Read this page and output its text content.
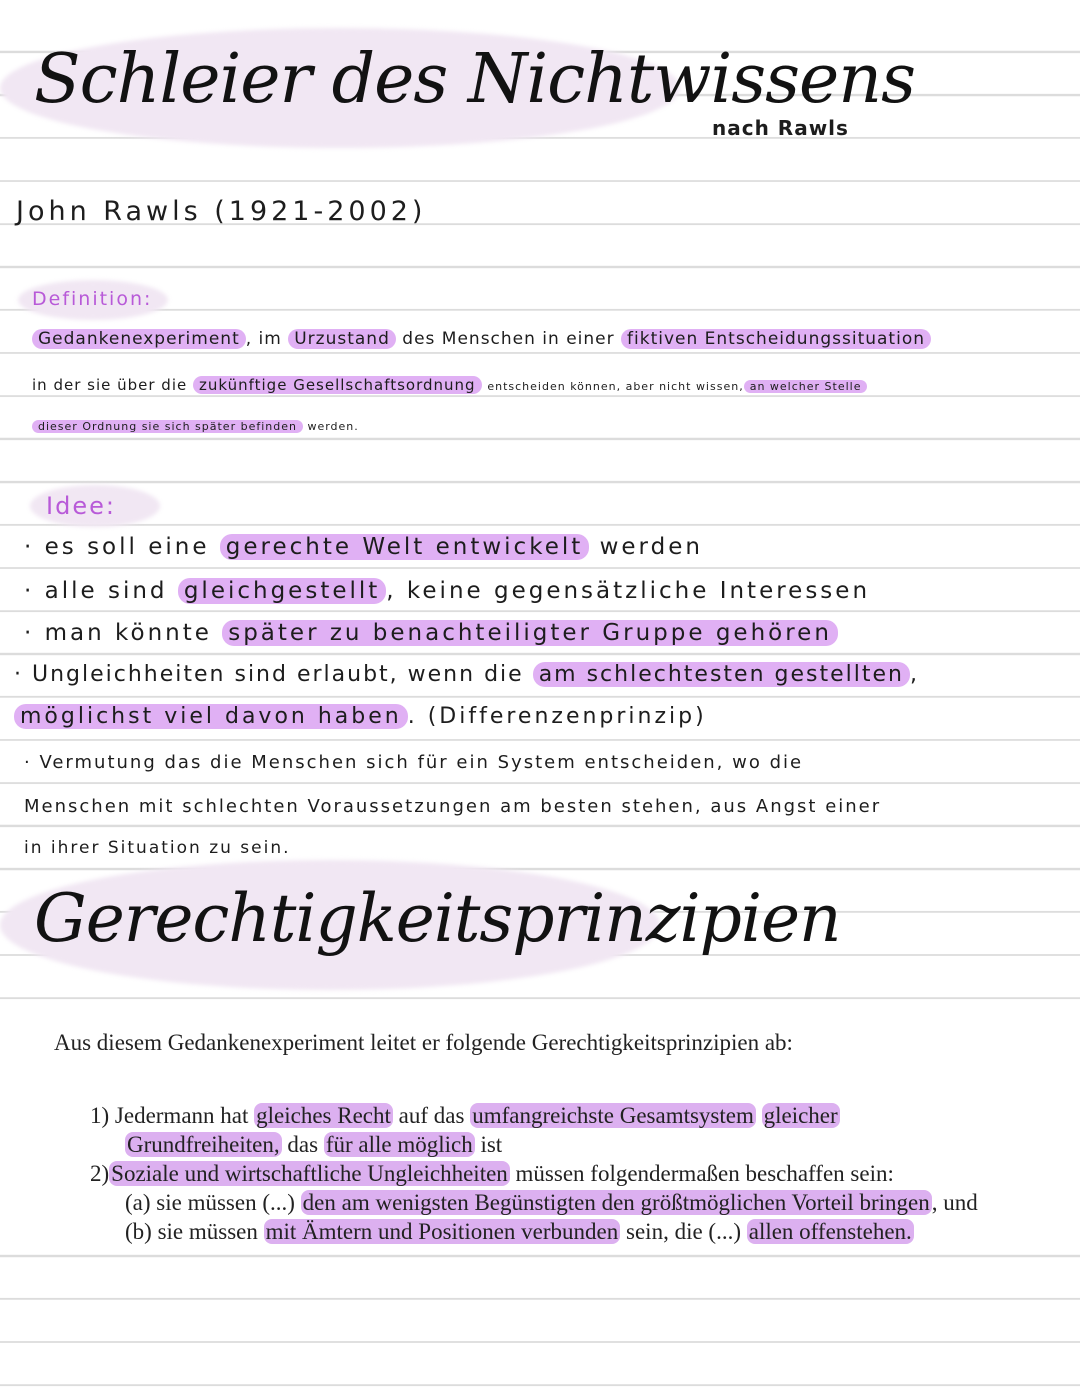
Schleier des Nichtwissens
nach Rawls
John Rawls (1921-2002)
Definition:
Gedankenexperiment , im Urzustand des Menschen in einer fiktiven Entscheidungssituation
in der sie über die zukünftige Gesellschaftsordnung entscheiden können, aber nicht wissen, an welcher Stelle
dieser Ordnung sie sich später befinden werden.
Idee:
· es soll eine gerechte Welt entwickelt werden
· alle sind gleichgestellt , keine gegensätzliche Interessen
· man könnte später zu benachteiligter Gruppe gehören
· Ungleichheiten sind erlaubt, wenn die am schlechtesten gestellten ,
möglichst viel davon haben . (Differenzenprinzip)
· Vermutung das die Menschen sich für ein System entscheiden, wo die
Menschen mit schlechten Voraussetzungen am besten stehen, aus Angst einer
in ihrer Situation zu sein.
Gerechtigkeitsprinzipien
Aus diesem Gedankenexperiment leitet er folgende Gerechtigkeitsprinzipien ab:
1) Jedermann hat gleiches Recht auf das umfangreichste Gesamtsystem gleicher
Grundfreiheiten, das für alle möglich ist
2)Soziale und wirtschaftliche Ungleichheiten müssen folgendermaßen beschaffen sein:
(a) sie müssen (...) den am wenigsten Begünstigten den größtmöglichen Vorteil bringen, und
(b) sie müssen mit Ämtern und Positionen verbunden sein, die (...) allen offenstehen.
